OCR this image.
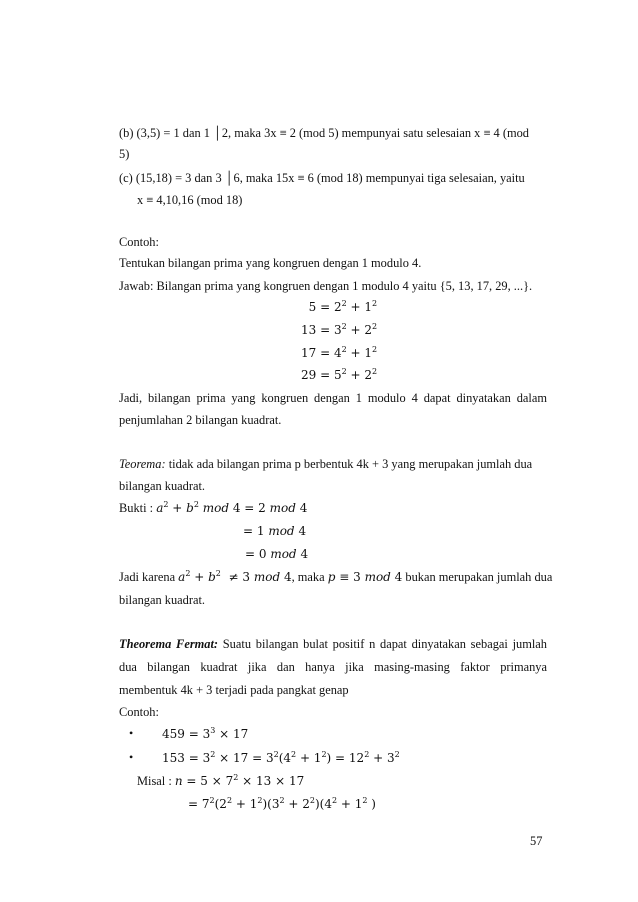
(b) (3,5) = 1 dan 1 │2, maka 3x ≡ 2 (mod 5) mempunyai satu selesaian x ≡ 4 (mod
5)
(c) (15,18) = 3 dan 3 │6, maka 15x ≡ 6 (mod 18) mempunyai tiga selesaian, yaitu
x ≡ 4,10,16 (mod 18)
Contoh:
Tentukan bilangan prima yang kongruen dengan 1 modulo 4.
Jawab: Bilangan prima yang kongruen dengan 1 modulo 4 yaitu {5, 13, 17, 29, ...}.
$5 = 2^2 + 1^2$
$13 = 3^2 + 2^2$
$17 = 4^2 + 1^2$
$29 = 5^2 + 2^2$
Jadi, bilangan prima yang kongruen dengan 1 modulo 4 dapat dinyatakan dalam
penjumlahan 2 bilangan kuadrat.
Teorema: tidak ada bilangan prima p berbentuk 4k + 3 yang merupakan jumlah dua
bilangan kuadrat.
Bukti : $a^2 + b^2$ mod 4 = 2 mod 4
= 1 mod 4
= 0 mod 4
Jadi karena $a^2 + b^2 \ne 3$ mod 4, maka p ≡ 3 mod 4 bukan merupakan jumlah dua
bilangan kuadrat.
Theorema Fermat: Suatu bilangan bulat positif n dapat dinyatakan sebagai jumlah
dua bilangan kuadrat jika dan hanya jika masing-masing faktor primanya
membentuk 4k + 3 terjadi pada pangkat genap
Contoh:
• $459 = 3^3 \times 17$
• $153 = 3^2 \times 17 = 3^2(4^2 + 1^2) = 12^2 + 3^2$
Misal : $n = 5 \times 7^2 \times 13 \times 17$
= $7^2(2^2 + 1^2)(3^2 + 2^2)(4^2 + 1^2$ )
57
